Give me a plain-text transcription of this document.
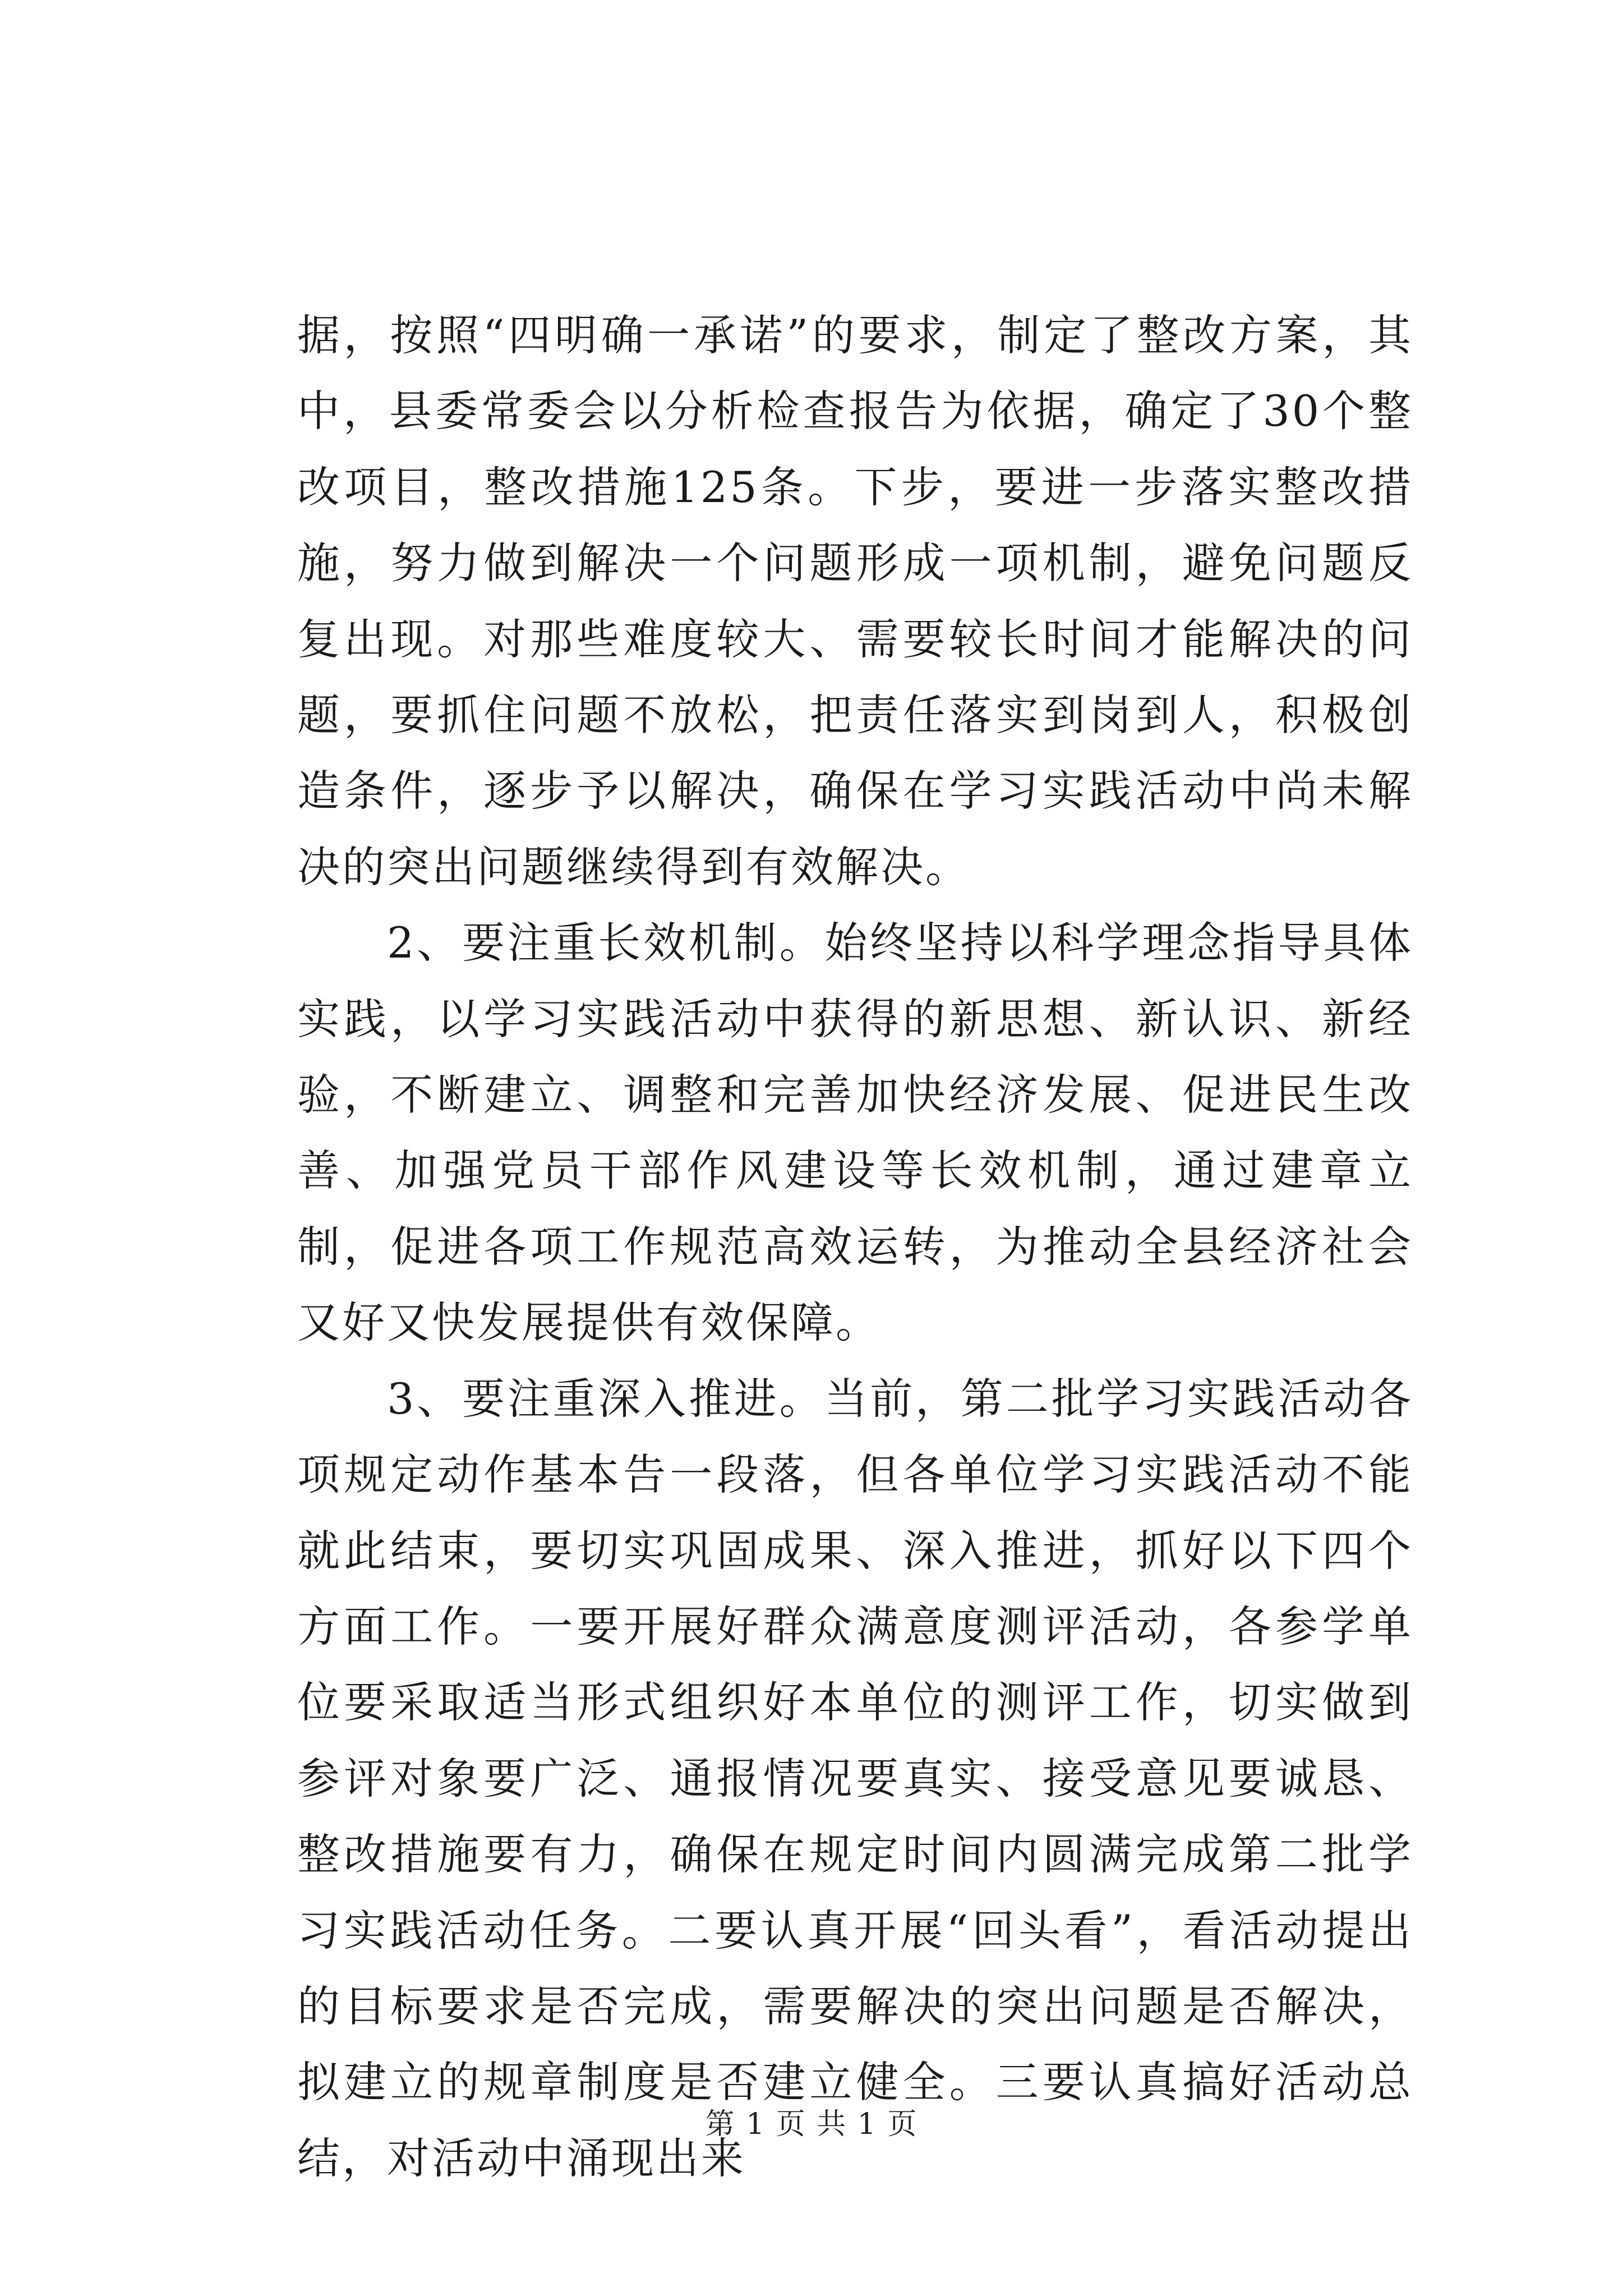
据，按照“四明确一承诺”的要求，制定了整改方案，其中，县委常委会以分析检查报告为依据，确定了30个整改项目，整改措施125条。下步，要进一步落实整改措施，努力做到解决一个问题形成一项机制，避免问题反复出现。对那些难度较大、需要较长时间才能解决的问题，要抓住问题不放松，把责任落实到岗到人，积极创造条件，逐步予以解决，确保在学习实践活动中尚未解决的突出问题继续得到有效解决。

2、要注重长效机制。始终坚持以科学理念指导具体实践，以学习实践活动中获得的新思想、新认识、新经验，不断建立、调整和完善加快经济发展、促进民生改善、加强党员干部作风建设等长效机制，通过建章立制，促进各项工作规范高效运转，为推动全县经济社会又好又快发展提供有效保障。

3、要注重深入推进。当前，第二批学习实践活动各项规定动作基本告一段落，但各单位学习实践活动不能就此结束，要切实巩固成果、深入推进，抓好以下四个方面工作。一要开展好群众满意度测评活动，各参学单位要采取适当形式组织好本单位的测评工作，切实做到参评对象要广泛、通报情况要真实、接受意见要诚恳、整改措施要有力，确保在规定时间内圆满完成第二批学习实践活动任务。二要认真开展“回头看”，看活动提出的目标要求是否完成，需要解决的突出问题是否解决，拟建立的规章制度是否建立健全。三要认真搞好活动总结，对活动中涌现出来

第 1 页 共 1 页
